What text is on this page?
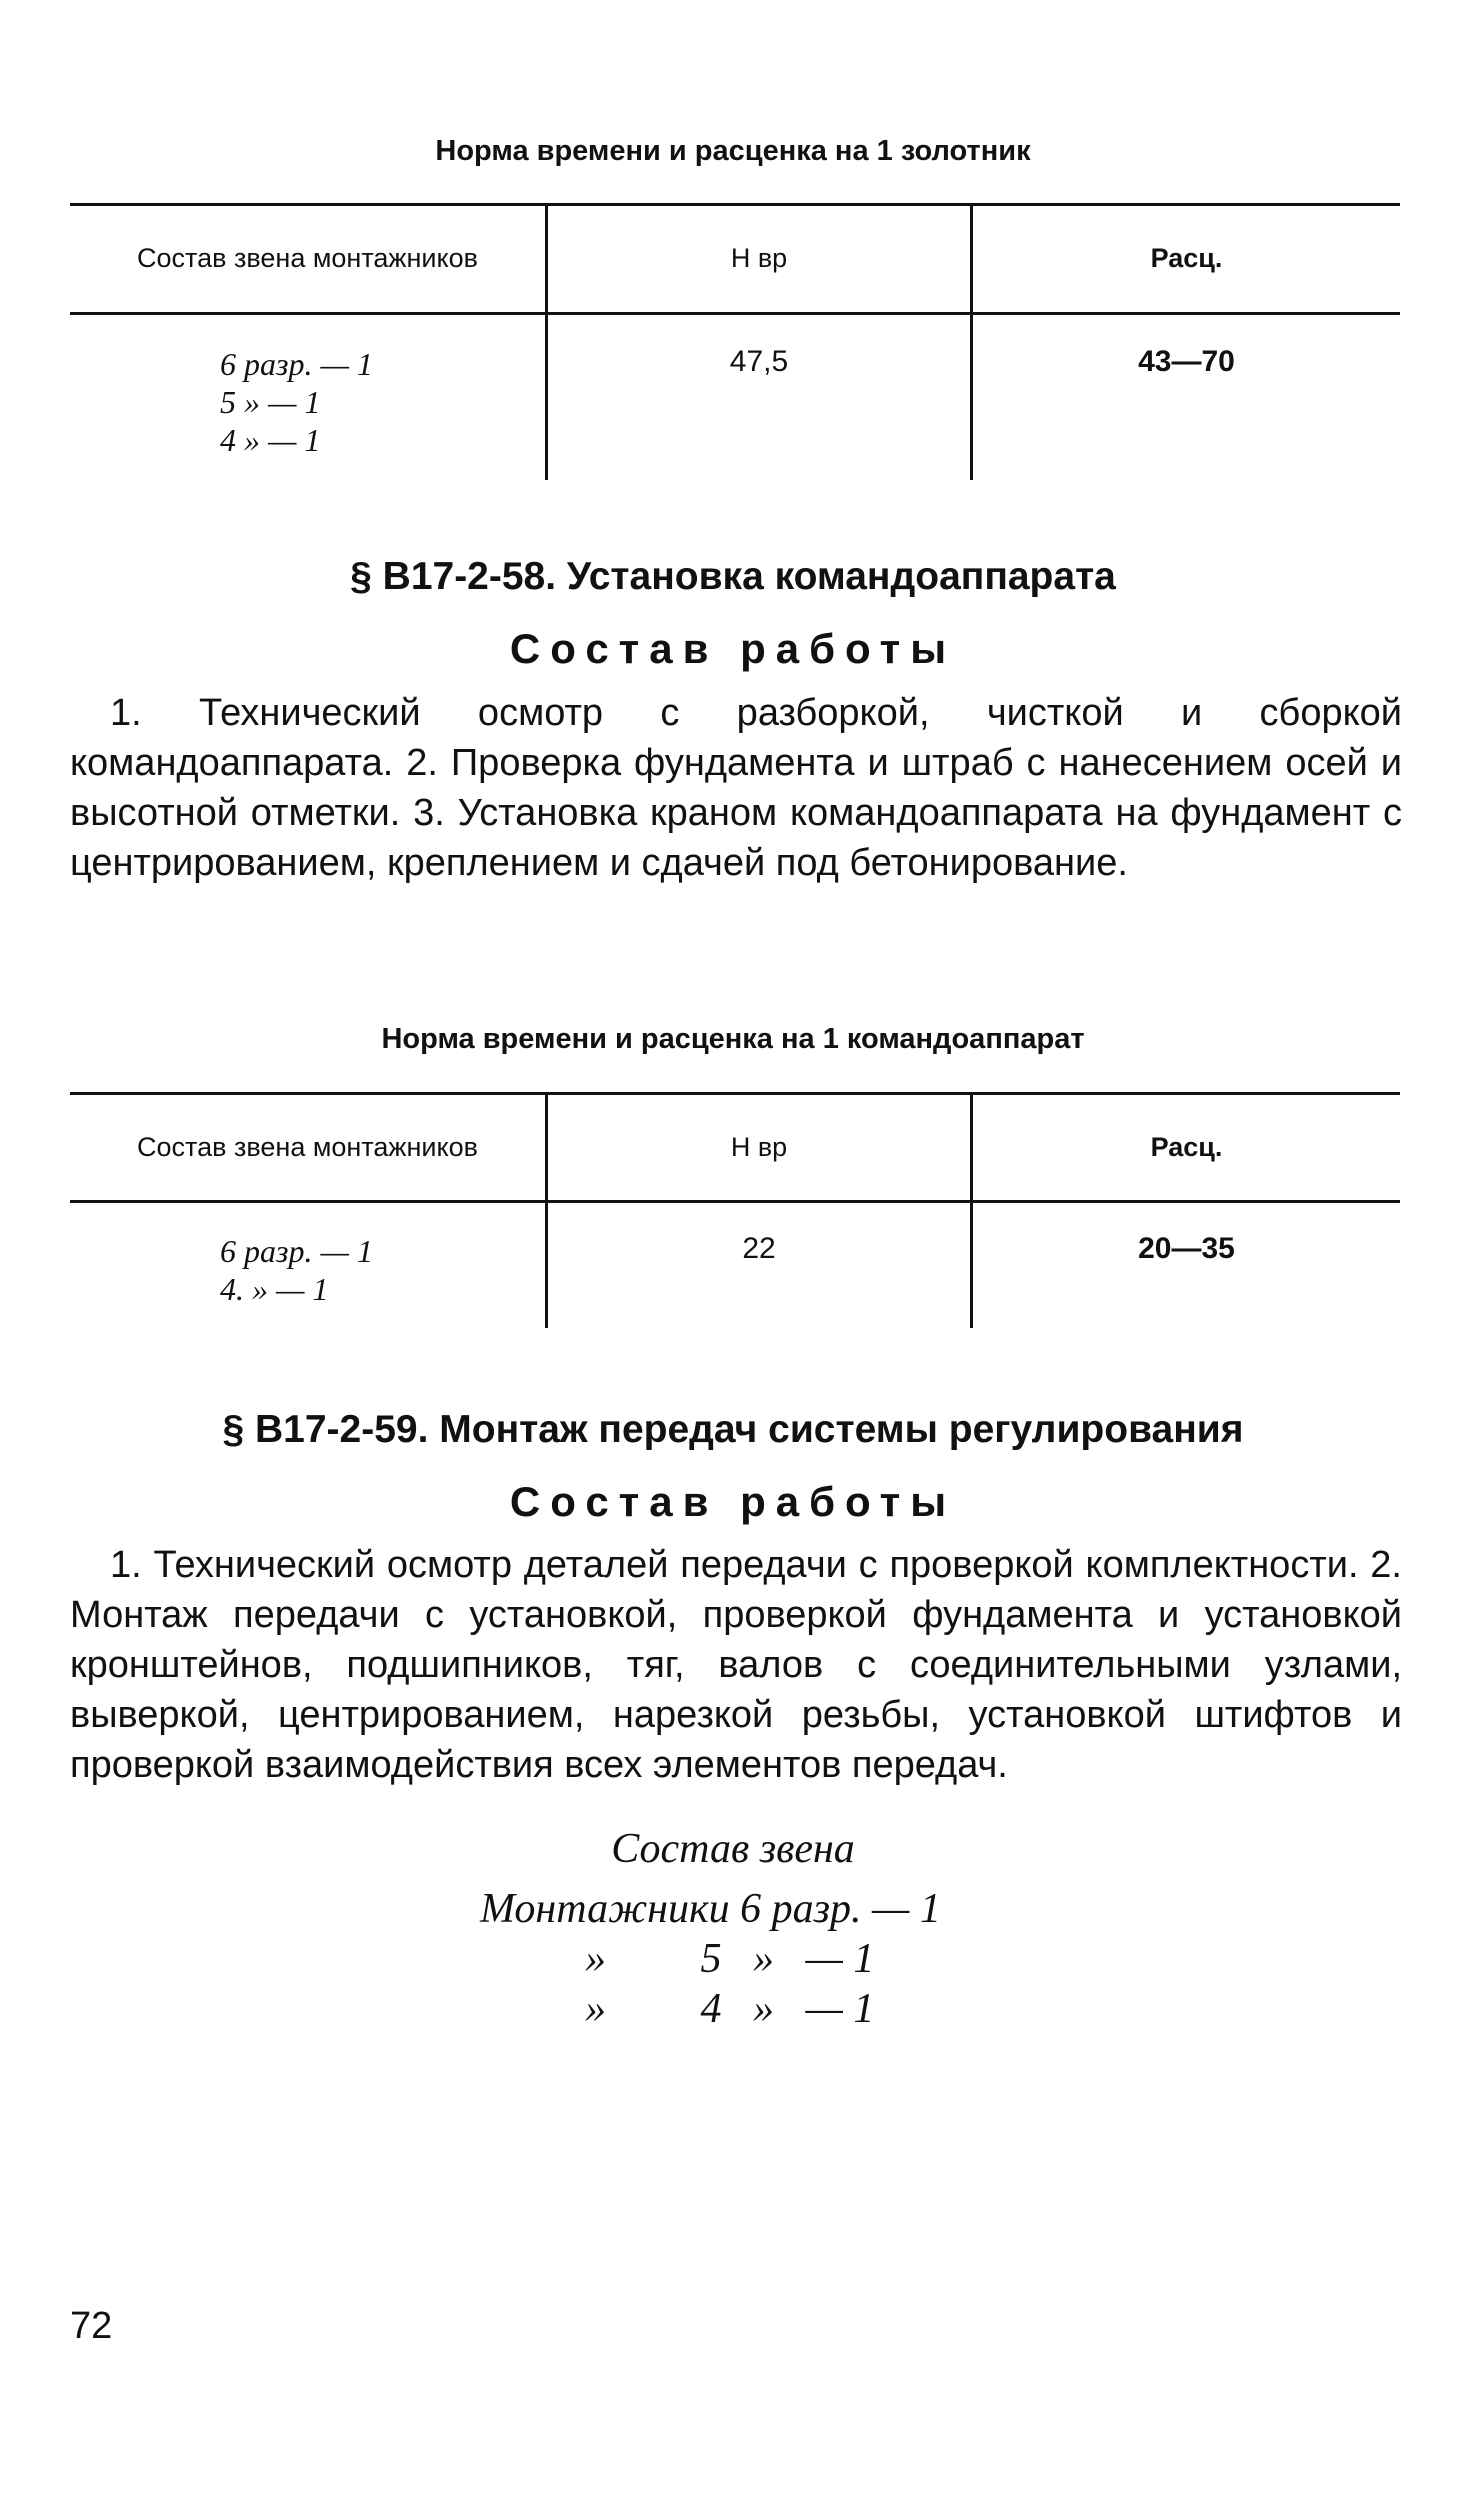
Норма времени и расценка на 1 золотник
Состав звена монтажников	Н вр	Расц.
6 разр. — 1
5 » — 1
4 » — 1
47,5	43—70
§ В17-2-58. Установка командоаппарата
Состав работы
1. Технический осмотр с разборкой, чисткой и сборкой командоаппарата. 2. Проверка фундамента и штраб с нанесением осей и высотной отметки. 3. Установка краном командоаппарата на фундамент с центрированием, креплением и сдачей под бетонирование.
Норма времени и расценка на 1 командоаппарат
Состав звена монтажников	Н вр	Расц.
6 разр. — 1
4. » — 1
22	20—35
§ В17-2-59. Монтаж передач системы регулирования
Состав работы
1. Технический осмотр деталей передачи с проверкой комплектности. 2. Монтаж передачи с установкой, проверкой фундамента и установкой кронштейнов, подшипников, тяг, валов с соединительными узлами, выверкой, центрированием, нарезкой резьбы, установкой штифтов и проверкой взаимодействия всех элементов передач.
Состав звена
Монтажники 6 разр. — 1
»         5   »   — 1
»         4   »   — 1
72
